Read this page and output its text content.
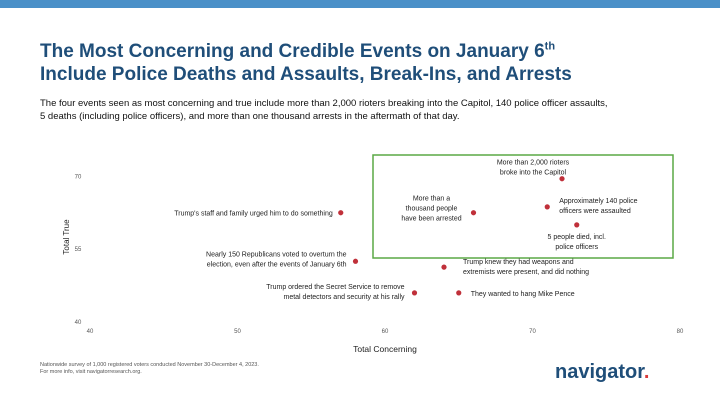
The Most Concerning and Credible Events on January 6th
Include Police Deaths and Assaults, Break-Ins, and Arrests
The four events seen as most concerning and true include more than 2,000 rioters breaking into the Capitol, 140 police officer assaults,
5 deaths (including police officers), and more than one thousand arrests in the aftermath of that day.
40	50	60	70	80
40
55
70
Total Concerning
Total True
More than 2,000 rioters broke into the Capitol
Approximately 140 police officers were assaulted
5 people died, incl. police officers
More than a thousand people have been arrested
Trump's staff and family urged him to do something
Nearly 150 Republicans voted to overturn the election, even after the events of January 6th	Trump knew they had weapons and extremists were present, and did nothing
Trump ordered the Secret Service to remove metal detectors and security at his rally	They wanted to hang Mike Pence
Nationwide survey of 1,000 registered voters conducted November 30-December 4, 2023.
For more info, visit navigatorresearch.org.	navigator.
